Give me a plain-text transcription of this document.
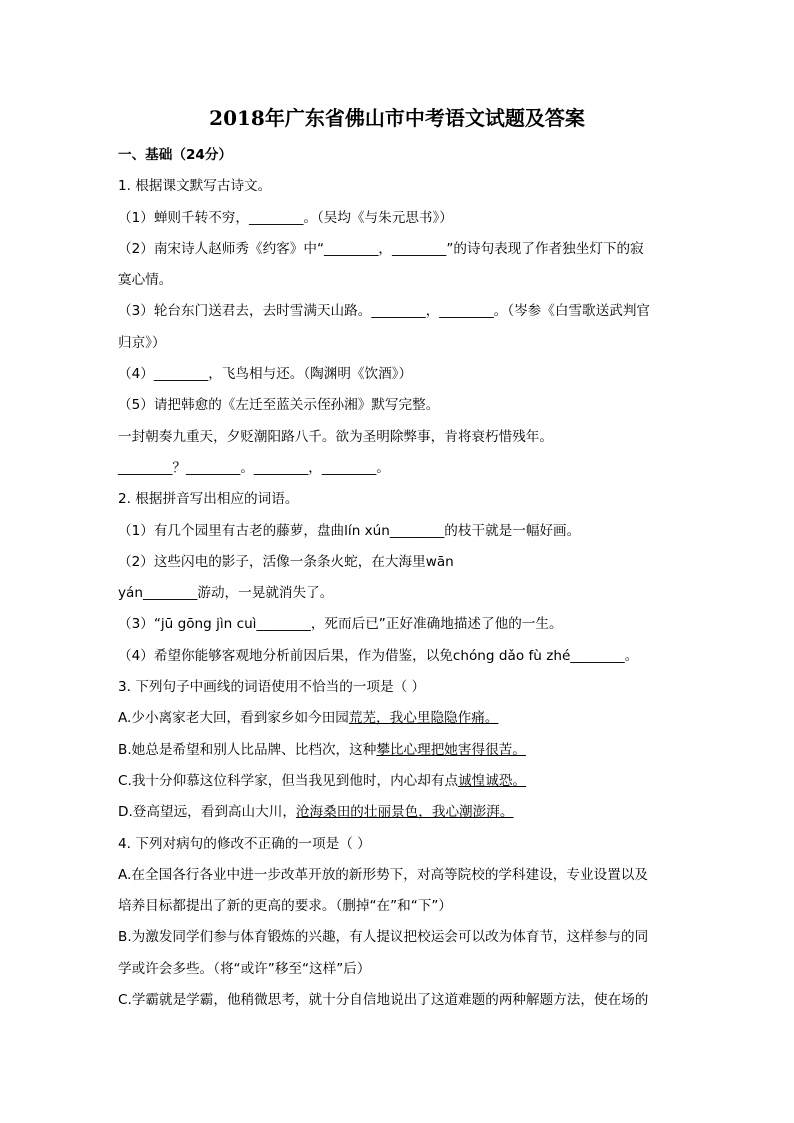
2018年广东省佛山市中考语文试题及答案
一、基础（24分）
1. 根据课文默写古诗文。
（1）蝉则千转不穷，________。（吴均《与朱元思书》）
（2）南宋诗人赵师秀《约客》中“________，________”的诗句表现了作者独坐灯下的寂
寞心情。
（3）轮台东门送君去，去时雪满天山路。________，________。（岑参《白雪歌送武判官
归京》）
（4）________，飞鸟相与还。（陶渊明《饮酒》）
（5）请把韩愈的《左迁至蓝关示侄孙湘》默写完整。
一封朝奏九重天，夕贬潮阳路八千。欲为圣明除弊事，肯将衰朽惜残年。
________？________。________，________。
2. 根据拼音写出相应的词语。
（1）有几个园里有古老的藤萝，盘曲lín xún________的枝干就是一幅好画。
（2）这些闪电的影子，活像一条条火蛇，在大海里wān
yán________游动，一晃就消失了。
（3）“jū gōng jìn cuì________，死而后已”正好准确地描述了他的一生。
（4）希望你能够客观地分析前因后果，作为借鉴，以免chóng dǎo fù zhé________。
3. 下列句子中画线的词语使用不恰当的一项是（ ）
A.少小离家老大回，看到家乡如今田园荒芜，我心里隐隐作痛。
B.她总是希望和别人比品牌、比档次，这种攀比心理把她害得很苦。
C.我十分仰慕这位科学家，但当我见到他时，内心却有点诚惶诚恐。
D.登高望远，看到高山大川，沧海桑田的壮丽景色，我心潮澎湃。
4. 下列对病句的修改不正确的一项是（ ）
A.在全国各行各业中进一步改革开放的新形势下，对高等院校的学科建设，专业设置以及
培养目标都提出了新的更高的要求。（删掉“在”和“下”）
B.为激发同学们参与体育锻炼的兴趣，有人提议把校运会可以改为体育节，这样参与的同
学或许会多些。（将“或许”移至“这样”后）
C.学霸就是学霸，他稍微思考，就十分自信地说出了这道难题的两种解题方法，使在场的
